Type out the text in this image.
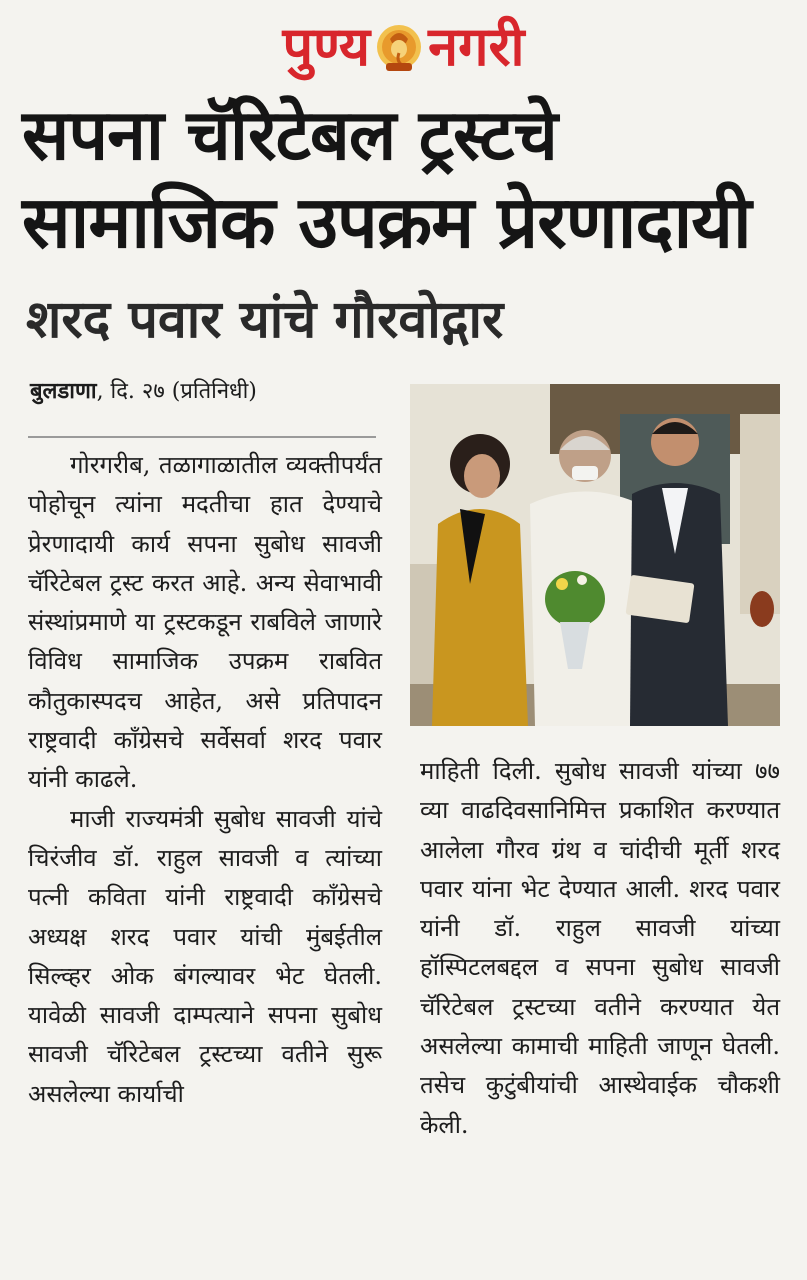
पुण्य नगरी
सपना चॅरिटेबल ट्रस्टचे
सामाजिक उपक्रम प्रेरणादायी
शरद पवार यांचे गौरवोद्गार
बुलडाणा, दि. २७ (प्रतिनिधी)

गोरगरीब, तळागाळातील व्यक्तीपर्यंत पोहोचून त्यांना मदतीचा हात देण्याचे प्रेरणादायी कार्य सपना सुबोध सावजी चॅरिटेबल ट्रस्ट करत आहे. अन्य सेवाभावी संस्थांप्रमाणे या ट्रस्टकडून राबविले जाणारे विविध सामाजिक उपक्रम राबवित कौतुकास्पदच आहेत, असे प्रतिपादन राष्ट्रवादी काँग्रेसचे सर्वेसर्वा शरद पवार यांनी काढले.

माजी राज्यमंत्री सुबोध सावजी यांचे चिरंजीव डॉ. राहुल सावजी व त्यांच्या पत्नी कविता यांनी राष्ट्रवादी काँग्रेसचे अध्यक्ष शरद पवार यांची मुंबईतील सिल्व्हर ओक बंगल्यावर भेट घेतली. यावेळी सावजी दाम्पत्याने सपना सुबोध सावजी चॅरिटेबल ट्रस्टच्या वतीने सुरू असलेल्या कार्याची

माहिती दिली. सुबोध सावजी यांच्या ७७ व्या वाढदिवसानिमित्त प्रकाशित करण्यात आलेला गौरव ग्रंथ व चांदीची मूर्ती शरद पवार यांना भेट देण्यात आली. शरद पवार यांनी डॉ. राहुल सावजी यांच्या हॉस्पिटलबद्दल व सपना सुबोध सावजी चॅरिटेबल ट्रस्टच्या वतीने करण्यात येत असलेल्या कामाची माहिती जाणून घेतली. तसेच कुटुंबीयांची आस्थेवाईक चौकशी केली.
